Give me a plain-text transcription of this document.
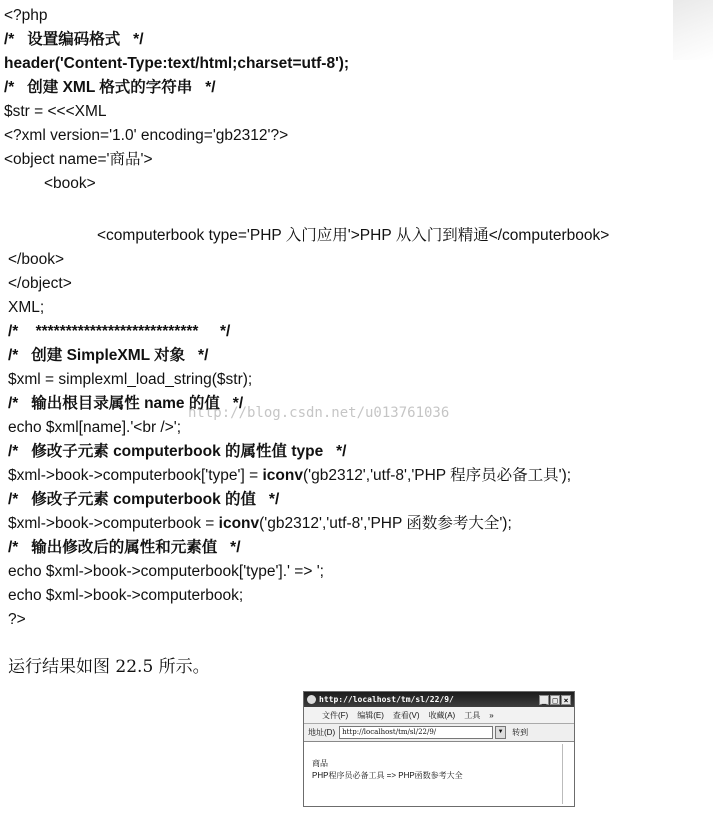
<?php
/*   设置编码格式   */
header('Content-Type:text/html;charset=utf-8');
/*   创建 XML 格式的字符串   */
$str = <<<XML
<?xml version='1.0' encoding='gb2312'?>
<object name='商品'>
<book>
<computerbook type='PHP 入门应用'>PHP 从入门到精通</computerbook>
</book>
</object>
XML;
/*    ***************************     */
/*   创建 SimpleXML 对象   */
$xml = simplexml_load_string($str);
/*   输出根目录属性 name 的值   */
echo $xml[name].'<br />';
/*   修改子元素 computerbook 的属性值 type   */
$xml->book->computerbook['type'] = iconv('gb2312','utf-8','PHP 程序员必备工具');
/*   修改子元素 computerbook 的值   */
$xml->book->computerbook = iconv('gb2312','utf-8','PHP 函数参考大全');
/*   输出修改后的属性和元素值   */
echo $xml->book->computerbook['type'].' => ';
echo $xml->book->computerbook;
?>
http://blog.csdn.net/u013761036
运行结果如图 22.5 所示。
http://localhost/tm/sl/22/9/	_ □ ×
文件(F) 编辑(E) 查看(V) 收藏(A) 工具 »
地址(D)	http://localhost/tm/sl/22/9/	▼	转到
商品
PHP程序员必备工具 => PHP函数参考大全
